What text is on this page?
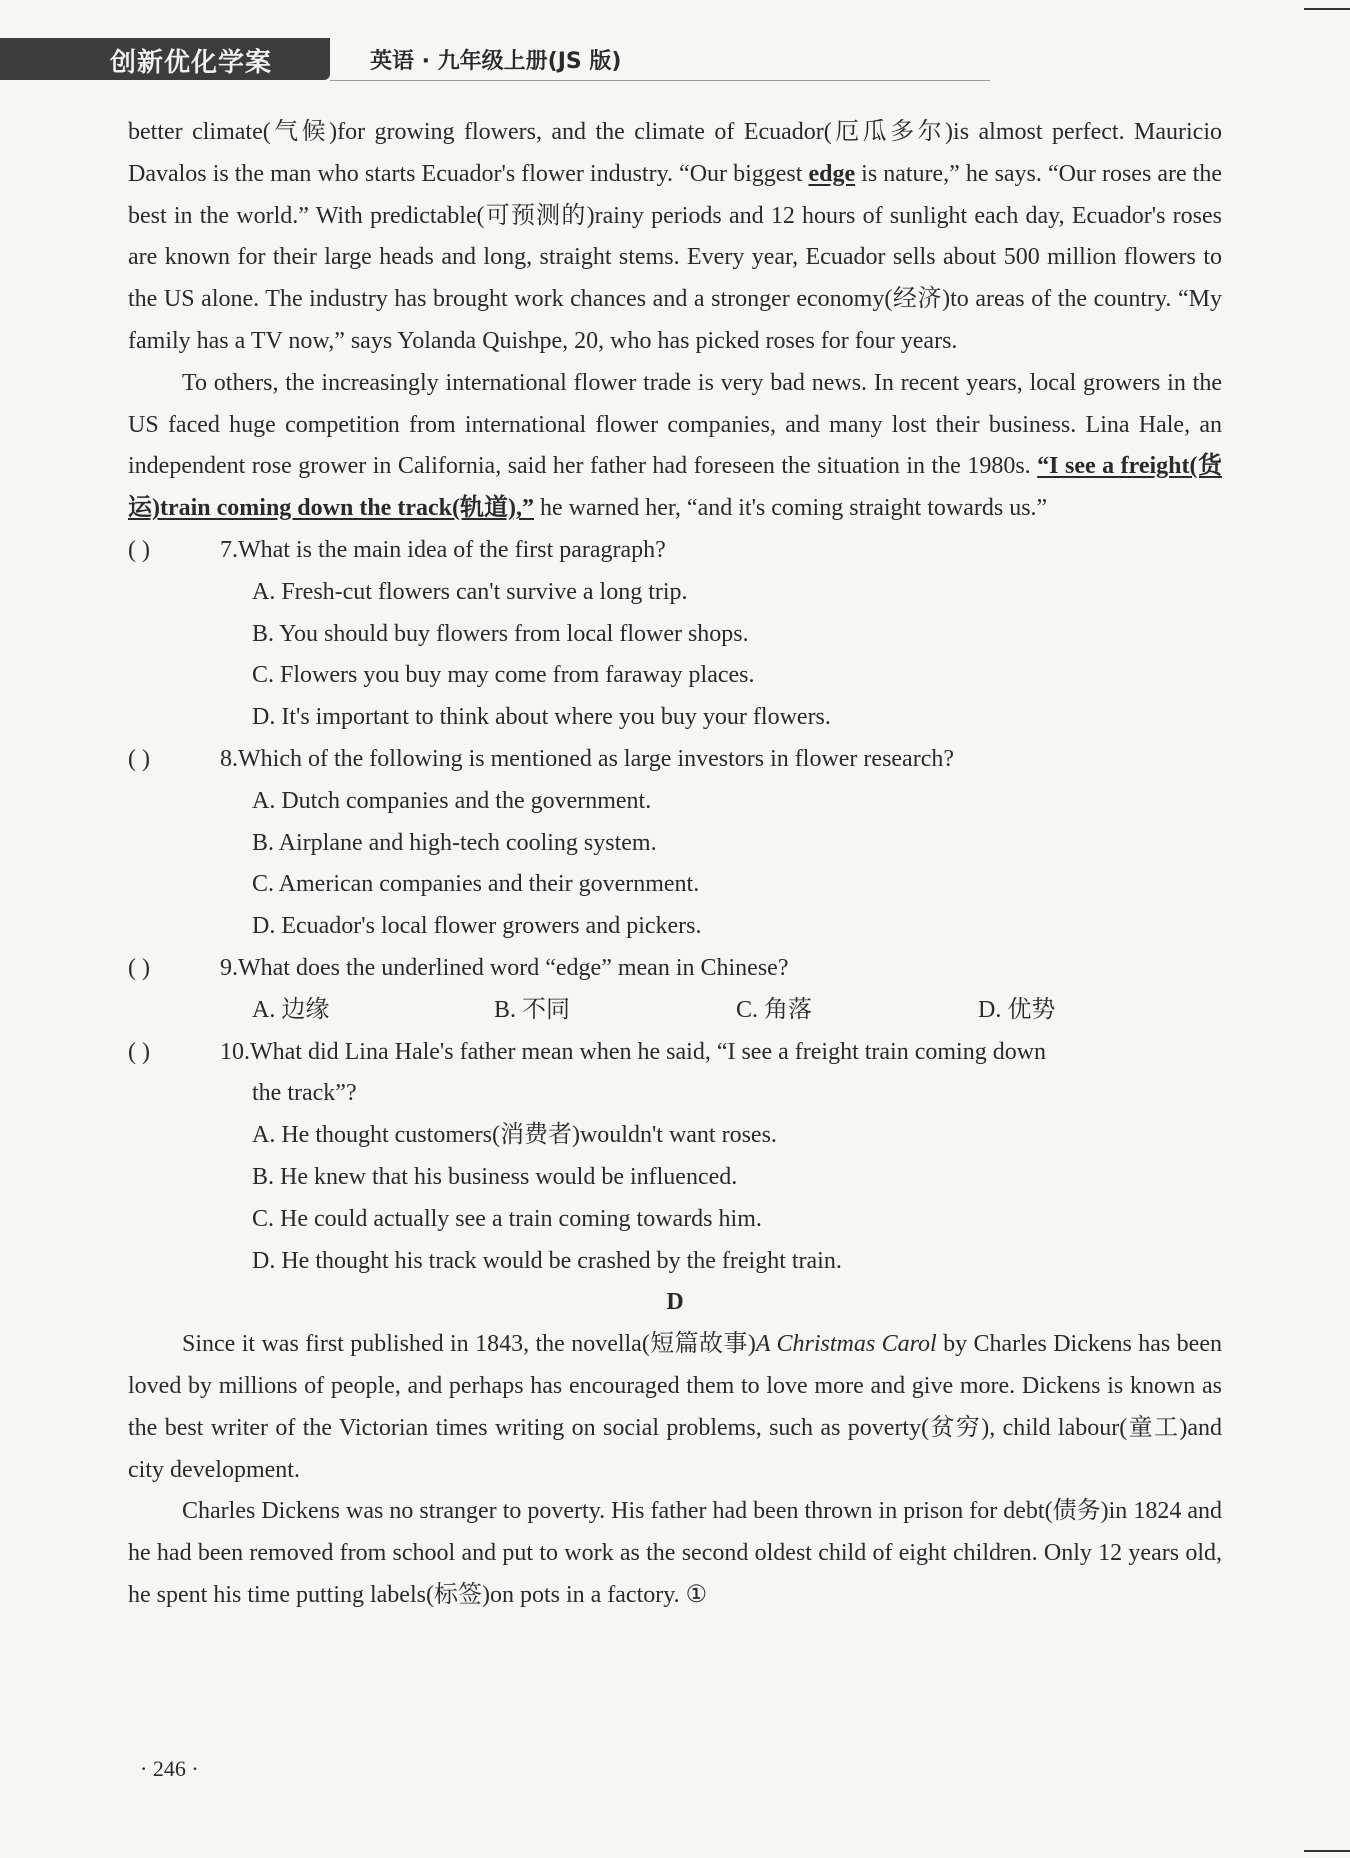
创新优化学案	英语 · 九年级上册(JS 版)

better climate(气候)for growing flowers, and the climate of Ecuador(厄瓜多尔)is almost perfect. Mauricio Davalos is the man who starts Ecuador's flower industry. “Our biggest edge is nature,” he says. “Our roses are the best in the world.” With predictable(可预测的)rainy periods and 12 hours of sunlight each day, Ecuador's roses are known for their large heads and long, straight stems. Every year, Ecuador sells about 500 million flowers to the US alone. The industry has brought work chances and a stronger economy(经济)to areas of the country. “My family has a TV now,” says Yolanda Quishpe, 20, who has picked roses for four years.

To others, the increasingly international flower trade is very bad news. In recent years, local growers in the US faced huge competition from international flower companies, and many lost their business. Lina Hale, an independent rose grower in California, said her father had foreseen the situation in the 1980s. “I see a freight(货运)train coming down the track(轨道),” he warned her, “and it's coming straight towards us.”

( )	7. What is the main idea of the first paragraph?

A. Fresh-cut flowers can't survive a long trip.

B. You should buy flowers from local flower shops.

C. Flowers you buy may come from faraway places.

D. It's important to think about where you buy your flowers.

( )	8. Which of the following is mentioned as large investors in flower research?

A. Dutch companies and the government.

B. Airplane and high-tech cooling system.

C. American companies and their government.

D. Ecuador's local flower growers and pickers.

( )	9. What does the underlined word “edge” mean in Chinese?

A. 边缘	B. 不同	C. 角落	D. 优势

( )	10. What did Lina Hale's father mean when he said, “I see a freight train coming down

the track”?

A. He thought customers(消费者)wouldn't want roses.

B. He knew that his business would be influenced.

C. He could actually see a train coming towards him.

D. He thought his track would be crashed by the freight train.

D

Since it was first published in 1843, the novella(短篇故事)A Christmas Carol by Charles Dickens has been loved by millions of people, and perhaps has encouraged them to love more and give more. Dickens is known as the best writer of the Victorian times writing on social problems, such as poverty(贫穷), child labour(童工)and city development.

Charles Dickens was no stranger to poverty. His father had been thrown in prison for debt(债务)in 1824 and he had been removed from school and put to work as the second oldest child of eight children. Only 12 years old, he spent his time putting labels(标签)on pots in a factory. ①

· 246 ·
